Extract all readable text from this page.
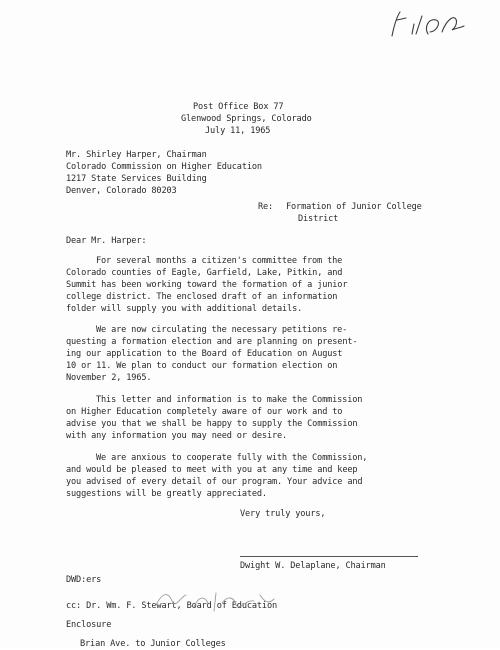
Post Office Box 77
Glenwood Springs, Colorado
July 11, 1965
Mr. Shirley Harper, Chairman
Colorado Commission on Higher Education
1217 State Services Building
Denver, Colorado 80203
Re: Formation of Junior College
District
Dear Mr. Harper:
For several months a citizen's committee from the
Colorado counties of Eagle, Garfield, Lake, Pitkin, and
Summit has been working toward the formation of a junior
college district. The enclosed draft of an information
folder will supply you with additional details.
We are now circulating the necessary petitions re-
questing a formation election and are planning on present-
ing our application to the Board of Education on August
10 or 11. We plan to conduct our formation election on
November 2, 1965.
This letter and information is to make the Commission
on Higher Education completely aware of our work and to
advise you that we shall be happy to supply the Commission
with any information you may need or desire.
We are anxious to cooperate fully with the Commission,
and would be pleased to meet with you at any time and keep
you advised of every detail of our program. Your advice and
suggestions will be greatly appreciated.
Very truly yours,
Dwight W. Delaplane, Chairman
DWD:ers
cc: Dr. Wm. F. Stewart, Board of Education
Enclosure
Brian Ave. to Junior Colleges
